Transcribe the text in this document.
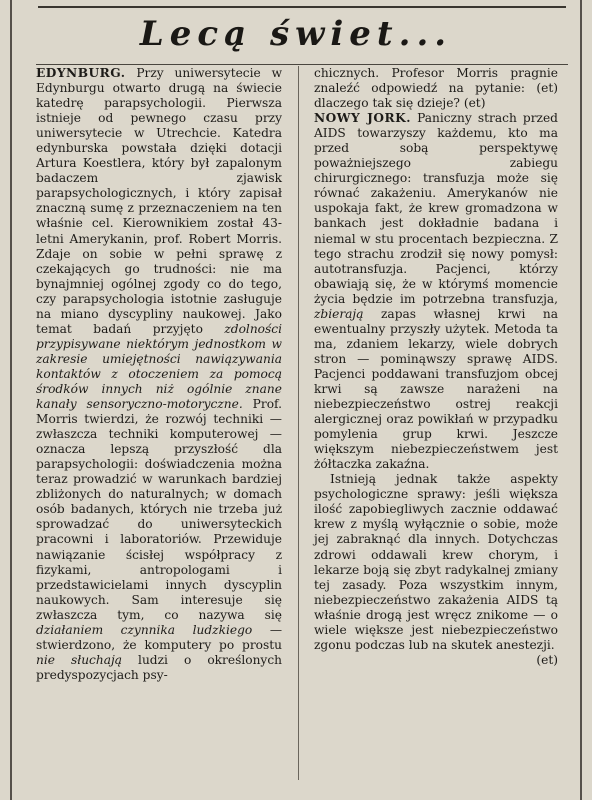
Lecą świet...

EDYNBURG. Przy uniwersytecie w Edynburgu otwarto drugą na świecie katedrę parapsychologii. Pierwsza istnieje od pewnego czasu przy uniwersytecie w Utrechcie. Katedra edynburska powstała dzięki dotacji Artura Koestlera, który był zapalonym badaczem zjawisk parapsychologicznych, i który zapisał znaczną sumę z przeznaczeniem na ten właśnie cel. Kierownikiem został 43-letni Amerykanin, prof. Robert Morris. Zdaje on sobie w pełni sprawę z czekających go trudności: nie ma bynajmniej ogólnej zgody co do tego, czy parapsychologia istotnie zasługuje na miano dyscypliny naukowej. Jako temat badań przyjęto zdolności przypisywane niektórym jednostkom w zakresie umiejętności nawiązywania kontaktów z otoczeniem za pomocą środków innych niż ogólnie znane kanały sensoryczno-motoryczne. Prof. Morris twierdzi, że rozwój techniki — zwłaszcza techniki komputerowej — oznacza lepszą przyszłość dla parapsychologii: doświadczenia można teraz prowadzić w warunkach bardziej zbliżonych do naturalnych; w domach osób badanych, których nie trzeba już sprowadzać do uniwersyteckich pracowni i laboratoriów. Przewiduje nawiązanie ścisłej współpracy z fizykami, antropologami i przedstawicielami innych dyscyplin naukowych. Sam interesuje się zwłaszcza tym, co nazywa się działaniem czynnika ludzkiego — stwierdzono, że komputery po prostu nie słuchają ludzi o określonych predyspozycjach psy-

chicznych. Profesor Morris pragnie znaleźć odpowiedź na pytanie: (et) dlaczego tak się dzieje? (et)

NOWY JORK. Paniczny strach przed AIDS towarzyszy każdemu, kto ma przed sobą perspektywę poważniejszego zabiegu chirurgicznego: transfuzja może się równać zakażeniu. Amerykanów nie uspokaja fakt, że krew gromadzona w bankach jest dokładnie badana i niemal w stu procentach bezpieczna. Z tego strachu zrodził się nowy pomysł: autotransfuzja. Pacjenci, którzy obawiają się, że w którymś momencie życia będzie im potrzebna transfuzja, zbierają zapas własnej krwi na ewentualny przyszły użytek. Metoda ta ma, zdaniem lekarzy, wiele dobrych stron — pominąwszy sprawę AIDS. Pacjenci poddawani transfuzjom obcej krwi są zawsze narażeni na niebezpieczeństwo ostrej reakcji alergicznej oraz powikłań w przypadku pomylenia grup krwi. Jeszcze większym niebezpieczeństwem jest żółtaczka zakaźna.

Istnieją jednak także aspekty psychologiczne sprawy: jeśli większa ilość zapobiegliwych zacznie oddawać krew z myślą wyłącznie o sobie, może jej zabraknąć dla innych. Dotychczas zdrowi oddawali krew chorym, i lekarze boją się zbyt radykalnej zmiany tej zasady. Poza wszystkim innym, niebezpieczeństwo zakażenia AIDS tą właśnie drogą jest wręcz znikome — o wiele większe jest niebezpieczeństwo zgonu podczas lub na skutek anestezji.

(et)
